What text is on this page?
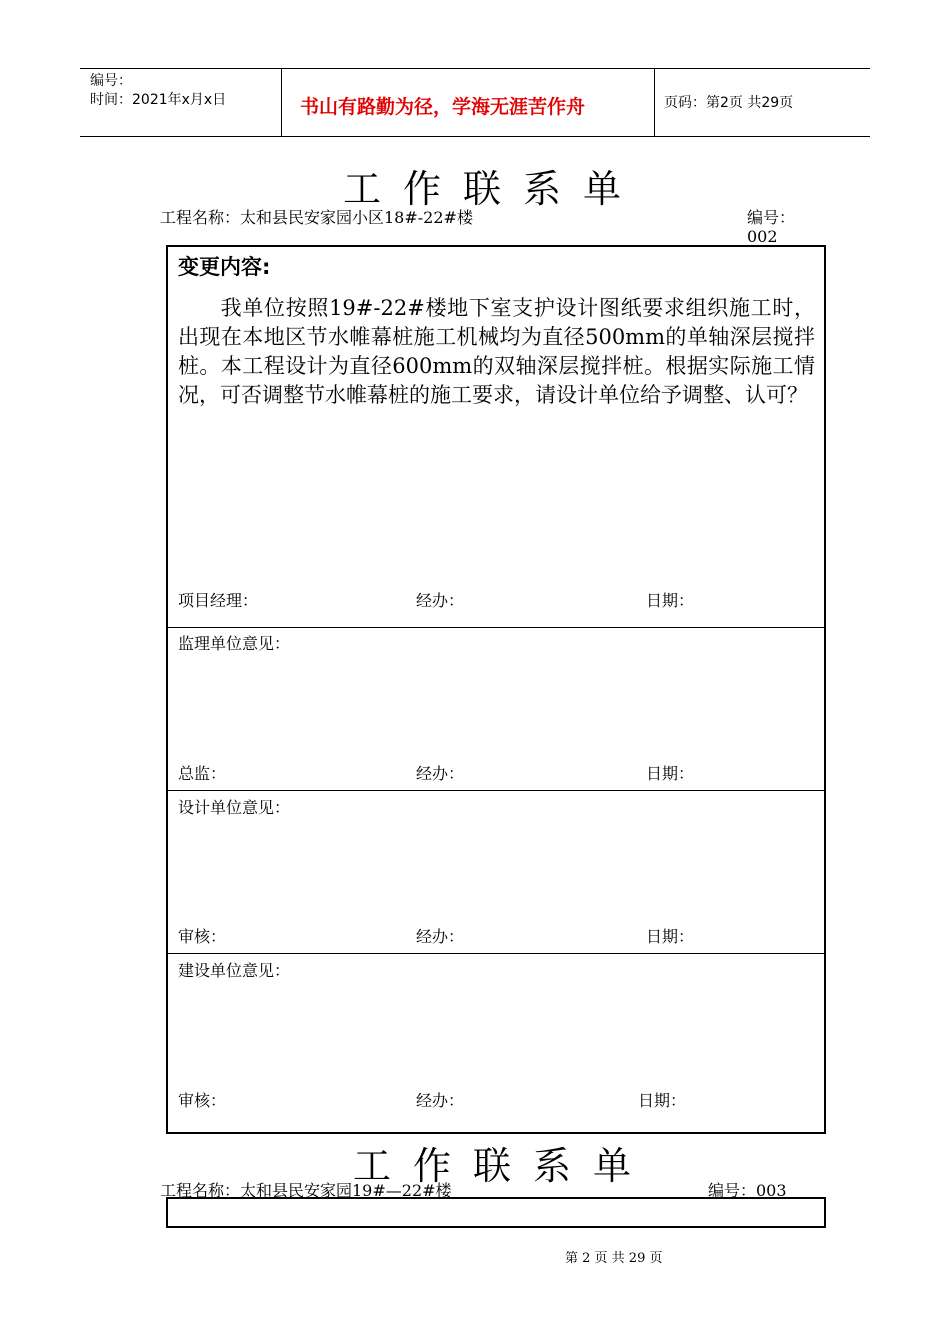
编号：
时间：2021年x月x日	书山有路勤为径，学海无涯苦作舟	页码：第2页 共29页
工作联系单
工程名称：太和县民安家园小区18#-22#楼	编号：
002
变更内容:
我单位按照19#-22#楼地下室支护设计图纸要求组织施工时，出现在本地区节水帷幕桩施工机械均为直径500mm的单轴深层搅拌桩。本工程设计为直径600mm的双轴深层搅拌桩。根据实际施工情况，可否调整节水帷幕桩的施工要求，请设计单位给予调整、认可？
项目经理：	经办：	日期：
监理单位意见：
总监：	经办：	日期：
设计单位意见：
审核：	经办：	日期：
建设单位意见：
审核：	经办：	日期：
工作联系单
工程名称：太和县民安家园19#—22#楼	编号：003
第 2 页 共 29 页
